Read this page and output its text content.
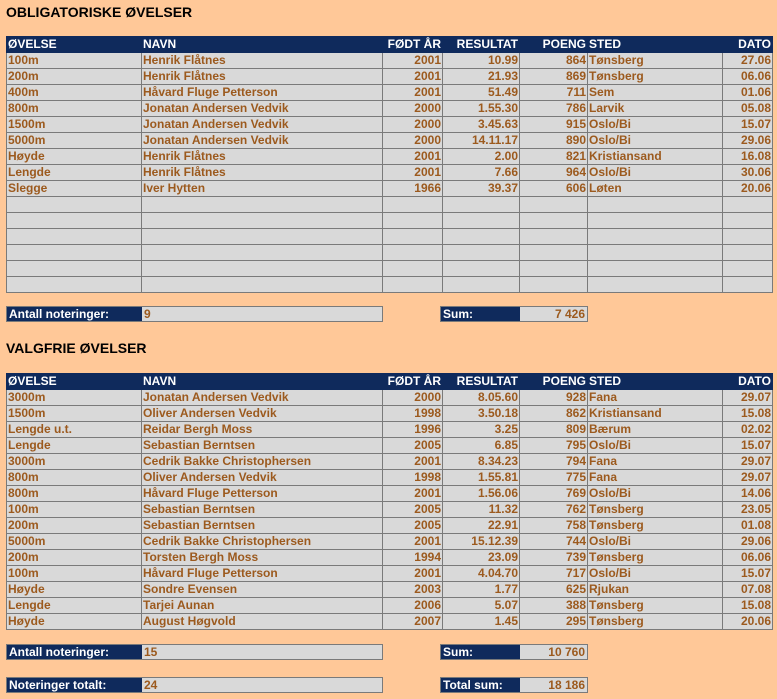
OBLIGATORISKE ØVELSER
ØVELSE	NAVN	FØDT ÅR	RESULTAT	POENG	STED	DATO
100m	Henrik Flåtnes	2001	10.99	864	Tønsberg	27.06
200m	Henrik Flåtnes	2001	21.93	869	Tønsberg	06.06
400m	Håvard Fluge Petterson	2001	51.49	711	Sem	01.06
800m	Jonatan Andersen Vedvik	2000	1.55.30	786	Larvik	05.08
1500m	Jonatan Andersen Vedvik	2000	3.45.63	915	Oslo/Bi	15.07
5000m	Jonatan Andersen Vedvik	2000	14.11.17	890	Oslo/Bi	29.06
Høyde	Henrik Flåtnes	2001	2.00	821	Kristiansand	16.08
Lengde	Henrik Flåtnes	2001	7.66	964	Oslo/Bi	30.06
Slegge	Iver Hytten	1966	39.37	606	Løten	20.06

Antall noteringer:	9	Sum:	7 426
VALGFRIE ØVELSER
ØVELSE	NAVN	FØDT ÅR	RESULTAT	POENG	STED	DATO
3000m	Jonatan Andersen Vedvik	2000	8.05.60	928	Fana	29.07
1500m	Oliver Andersen Vedvik	1998	3.50.18	862	Kristiansand	15.08
Lengde u.t.	Reidar Bergh Moss	1996	3.25	809	Bærum	02.02
Lengde	Sebastian Berntsen	2005	6.85	795	Oslo/Bi	15.07
3000m	Cedrik Bakke Christophersen	2001	8.34.23	794	Fana	29.07
800m	Oliver Andersen Vedvik	1998	1.55.81	775	Fana	29.07
800m	Håvard Fluge Petterson	2001	1.56.06	769	Oslo/Bi	14.06
100m	Sebastian Berntsen	2005	11.32	762	Tønsberg	23.05
200m	Sebastian Berntsen	2005	22.91	758	Tønsberg	01.08
5000m	Cedrik Bakke Christophersen	2001	15.12.39	744	Oslo/Bi	29.06
200m	Torsten Bergh Moss	1994	23.09	739	Tønsberg	06.06
100m	Håvard Fluge Petterson	2001	4.04.70	717	Oslo/Bi	15.07
Høyde	Sondre Evensen	2003	1.77	625	Rjukan	07.08
Lengde	Tarjei Aunan	2006	5.07	388	Tønsberg	15.08
Høyde	August Høgvold	2007	1.45	295	Tønsberg	20.06
Antall noteringer:	15	Sum:	10 760
Noteringer totalt:	24	Total sum:	18 186
